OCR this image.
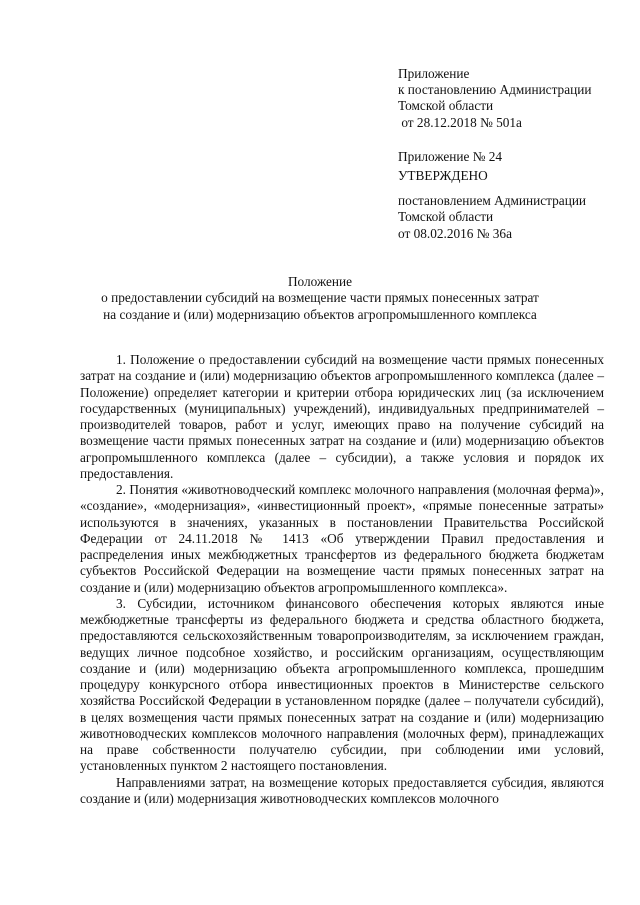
Приложение
к постановлению Администрации
Томской области
от 28.12.2018 № 501а
Приложение № 24
УТВЕРЖДЕНО
постановлением Администрации
Томской области
от 08.02.2016 № 36а
Положение
о предоставлении субсидий на возмещение части прямых понесенных затрат
на создание и (или) модернизацию объектов агропромышленного комплекса

1. Положение о предоставлении субсидий на возмещение части прямых понесенных затрат на создание и (или) модернизацию объектов агропромышленного комплекса (далее – Положение) определяет категории и критерии отбора юридических лиц (за исключением государственных (муниципальных) учреждений), индивидуальных предпринимателей – производителей товаров, работ и услуг, имеющих право на получение субсидий на возмещение части прямых понесенных затрат на создание и (или) модернизацию объектов агропромышленного комплекса (далее – субсидии), а также условия и порядок их предоставления.

2. Понятия «животноводческий комплекс молочного направления (молочная ферма)», «создание», «модернизация», «инвестиционный проект», «прямые понесенные затраты» используются в значениях, указанных в постановлении Правительства Российской Федерации от 24.11.2018 № 1413 «Об утверждении Правил предоставления и распределения иных межбюджетных трансфертов из федерального бюджета бюджетам субъектов Российской Федерации на возмещение части прямых понесенных затрат на создание и (или) модернизацию объектов агропромышленного комплекса».

3. Субсидии, источником финансового обеспечения которых являются иные межбюджетные трансферты из федерального бюджета и средства областного бюджета, предоставляются сельскохозяйственным товаропроизводителям, за исключением граждан, ведущих личное подсобное хозяйство, и российским организациям, осуществляющим создание и (или) модернизацию объекта агропромышленного комплекса, прошедшим процедуру конкурсного отбора инвестиционных проектов в Министерстве сельского хозяйства Российской Федерации в установленном порядке (далее – получатели субсидий), в целях возмещения части прямых понесенных затрат на создание и (или) модернизацию животноводческих комплексов молочного направления (молочных ферм), принадлежащих на праве собственности получателю субсидии, при соблюдении ими условий, установленных пунктом 2 настоящего постановления.

Направлениями затрат, на возмещение которых предоставляется субсидия, являются создание и (или) модернизация животноводческих комплексов молочного
